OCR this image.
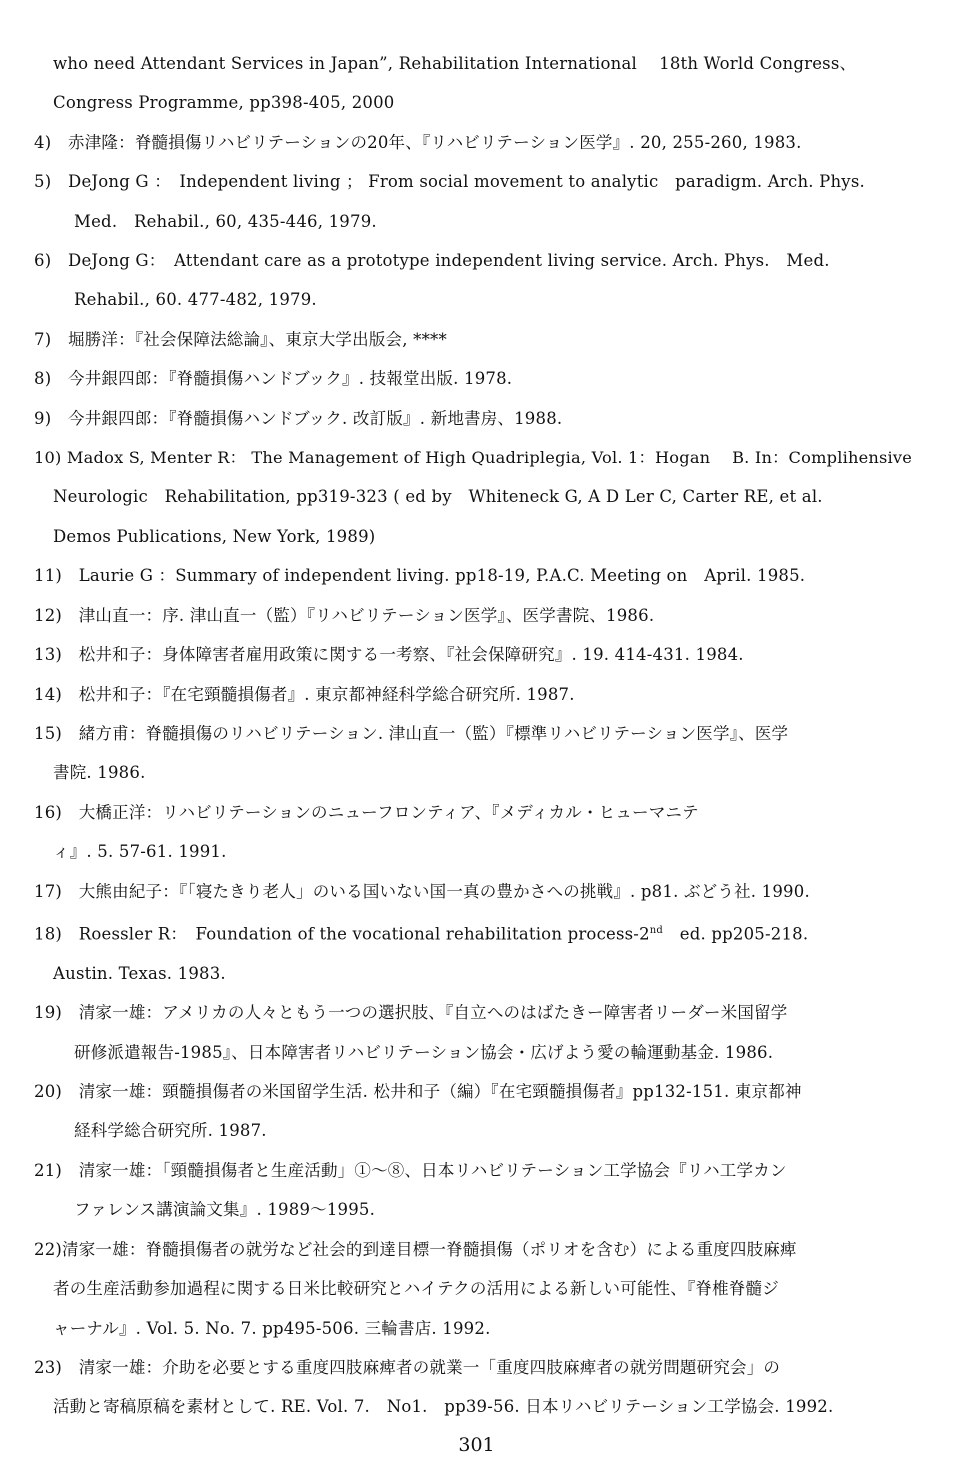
who need Attendant Services in Japan”, Rehabilitation International　 18th World Congress、
Congress Programme, pp398-405, 2000
4)　赤津隆：脊髓損傷リハビリテーションの20年、『リハビリテーション医学』. 20, 255-260, 1983.
5)　DeJong G ：　Independent living ； From social movement to analytic　paradigm. Arch. Phys.
Med.　Rehabil., 60, 435-446, 1979.
6)　DeJong G：　Attendant care as a prototype independent living service. Arch. Phys.　Med.
Rehabil., 60. 477-482, 1979.
7)　堀勝洋：『社会保障法総論』、東京大学出版会, ****
8)　今井銀四郎：『脊髓損傷ハンドブック』. 技報堂出版. 1978.
9)　今井銀四郎：『脊髓損傷ハンドブック. 改訂版』. 新地書房、1988.
10) Madox S, Menter R： The Management of High Quadriplegia, Vol. 1：Hogan　 B. In：Complihensive
Neurologic　Rehabilitation, pp319-323 ( ed by　Whiteneck G, A D Ler C, Carter RE, et al.
Demos Publications, New York, 1989)
11)　Laurie G ：Summary of independent living. pp18-19, P.A.C. Meeting on　April. 1985.
12)　津山直一：序. 津山直一（監）『リハビリテーション医学』、医学書院、1986.
13)　松井和子：身体障害者雇用政策に関する一考察、『社会保障研究』. 19. 414-431. 1984.
14)　松井和子：『在宅頸髓損傷者』. 東京都神経科学総合研究所. 1987.
15)　緒方甫：脊髓損傷のリハビリテーション. 津山直一（監）『標準リハビリテーション医学』、医学
書院. 1986.
16)　大橋正洋：リハビリテーションのニューフロンティア、『メディカル・ヒューマニテ
ィ』. 5. 57-61. 1991.
17)　大熊由紀子：『「寝たきり老人」のいる国いない国一真の豊かさへの挑戦』. p81. ぶどう社. 1990.
18)　Roessler R：　Foundation of the vocational rehabilitation process-2nd　ed. pp205-218.
Austin. Texas. 1983.
19)　清家一雄：アメリカの人々ともう一つの選択肢、『自立へのはばたきー障害者リーダー米国留学
研修派遣報告-1985』、日本障害者リハビリテーション協会・広げよう愛の輪運動基金. 1986.
20)　清家一雄：頸髓損傷者の米国留学生活. 松井和子（編）『在宅頸髓損傷者』pp132-151. 東京都神
経科学総合研究所. 1987.
21)　清家一雄：「頸髓損傷者と生産活動」①～⑧、日本リハビリテーション工学協会『リハ工学カン
ファレンス講演論文集』. 1989～1995.
22)清家一雄：脊髓損傷者の就労など社会的到達目標一脊髓損傷（ポリオを含む）による重度四肢麻痺
者の生産活動参加過程に関する日米比較研究とハイテクの活用による新しい可能性、『脊椎脊髓ジ
ャーナル』. Vol. 5. No. 7. pp495-506. 三輪書店. 1992.
23)　清家一雄：介助を必要とする重度四肢麻痺者の就業一「重度四肢麻痺者の就労問題研究会」の
活動と寄稿原稿を素材として. RE. Vol. 7.　No1.　pp39-56. 日本リハビリテーション工学協会. 1992.
301
